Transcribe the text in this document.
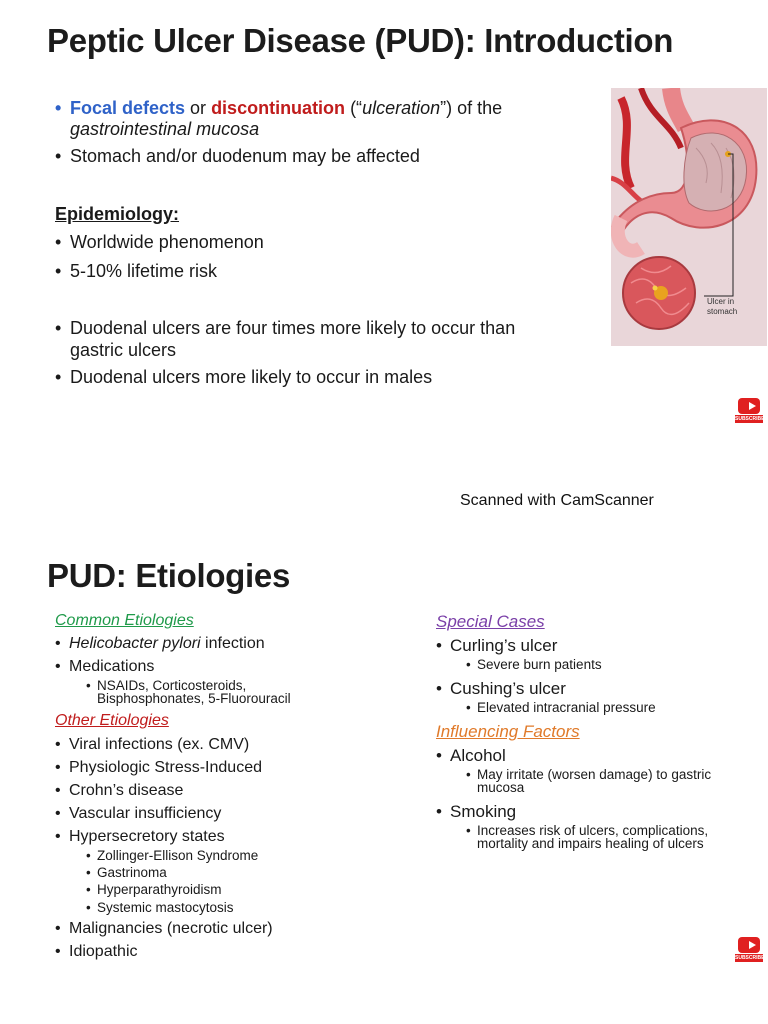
Peptic Ulcer Disease (PUD): Introduction
• Focal defects or discontinuation (“ulceration”) of the
gastrointestinal mucosa
• Stomach and/or duodenum may be affected
Epidemiology:
• Worldwide phenomenon
• 5-10% lifetime risk
• Duodenal ulcers are four times more likely to occur than
gastric ulcers
• Duodenal ulcers more likely to occur in males
Ulcer in
stomach
SUBSCRIBE
Scanned with CamScanner
PUD: Etiologies
Common Etiologies
• Helicobacter pylori infection
• Medications
• NSAIDs, Corticosteroids,
Bisphosphonates, 5-Fluorouracil
Other Etiologies
• Viral infections (ex. CMV)
• Physiologic Stress-Induced
• Crohn’s disease
• Vascular insufficiency
• Hypersecretory states
• Zollinger-Ellison Syndrome
• Gastrinoma
• Hyperparathyroidism
• Systemic mastocytosis
• Malignancies (necrotic ulcer)
• Idiopathic
Special Cases
• Curling’s ulcer
• Severe burn patients
• Cushing’s ulcer
• Elevated intracranial pressure
Influencing Factors
• Alcohol
• May irritate (worsen damage) to gastric
mucosa
• Smoking
• Increases risk of ulcers, complications,
mortality and impairs healing of ulcers
SUBSCRIBE
